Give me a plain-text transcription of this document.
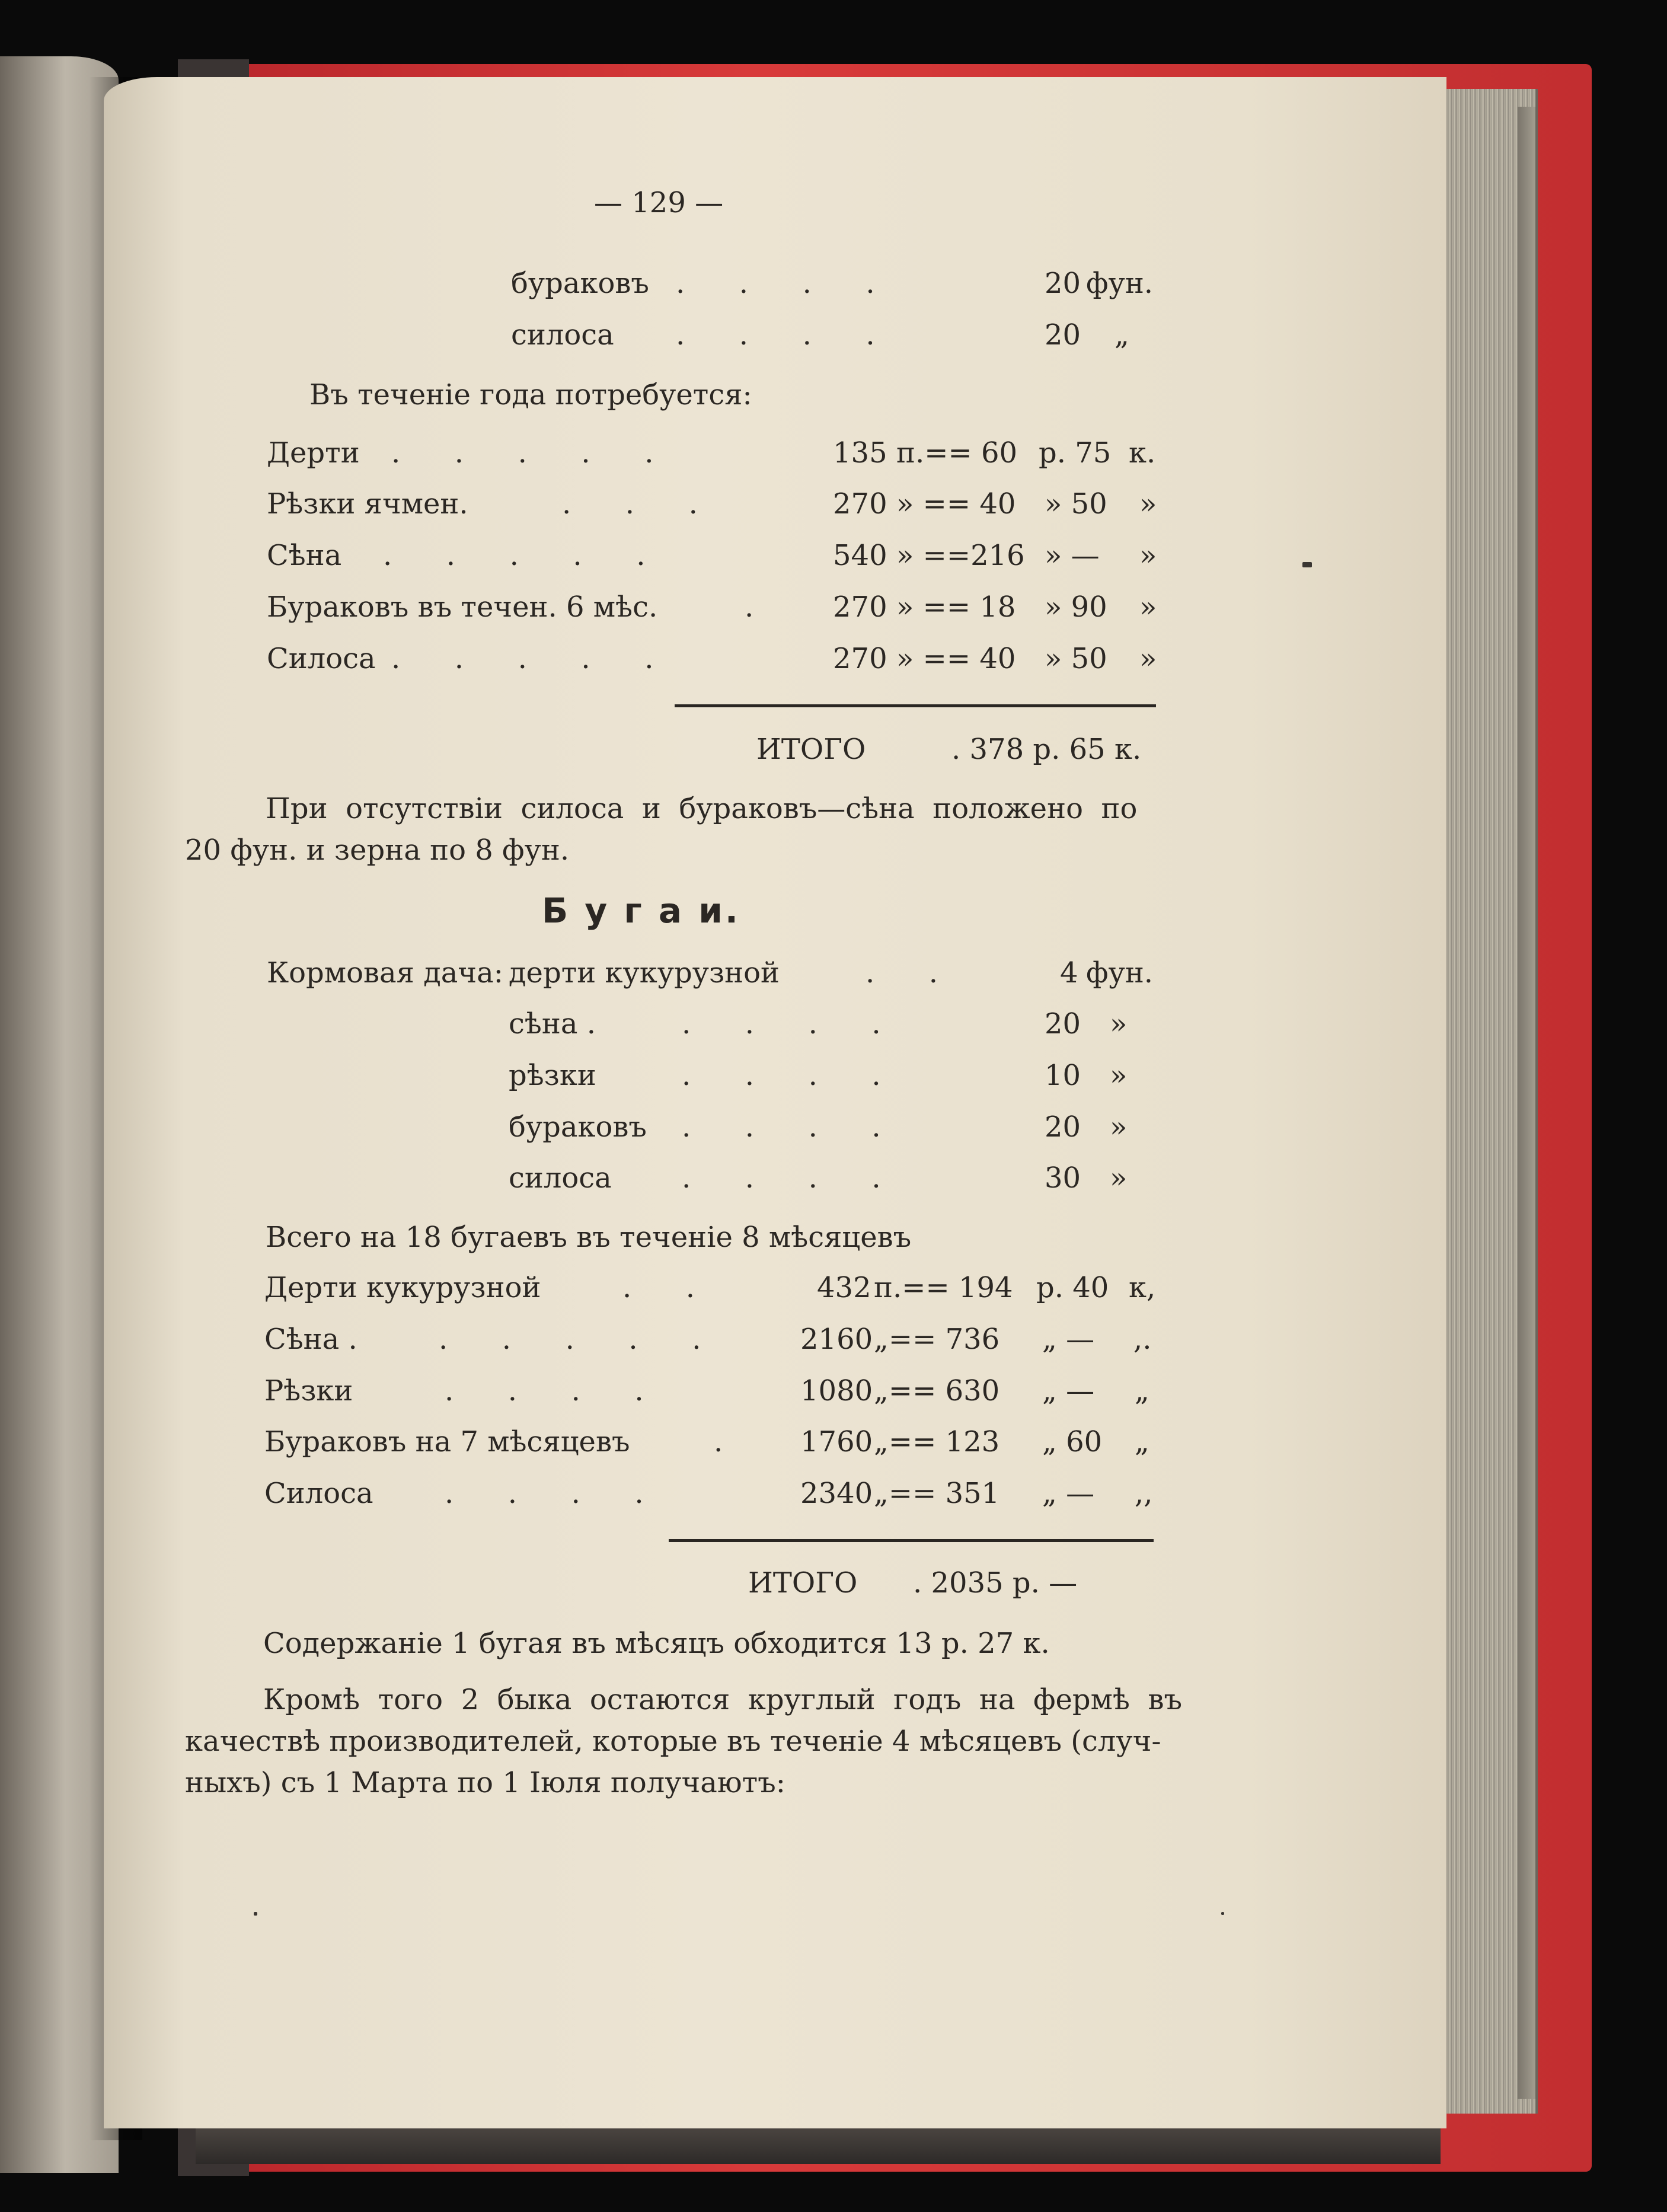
— 129 —
бураковъ .      .      .      .	20 фун.
силоса .      .      .      .	20 „
Въ теченіе года потребуется:
Дерти .      .      .      .      .	135 п.== 60 р. 75 к.
Рѣзки ячмен.	.      .      .	270 » == 40 » 50 »
Сѣна .      .      .      .      .	540 » ==216 » — »
Бураковъ въ течен. 6 мѣс.	.	270 » == 18 » 90 »
Силоса .      .      .      .      .	270 » == 40 » 50 »
ИТОГО	. 378 р. 65 к.
При  отсутствіи  силоса  и  бураковъ—сѣна  положено  по
20 фун. и зерна по 8 фун.
Б у г а и.
Кормовая дача: дерти кукурузной	.      .	4 фун.
сѣна .	.      .      .      .	20 »
рѣзки	.      .      .      .	10 »
бураковъ .      .      .      .	20 »
силоса .      .      .      .	30 »
Всего на 18 бугаевъ въ теченіе 8 мѣсяцевъ
Дерти кукурузной	.      .	432 п.== 194 р. 40 к,
Сѣна .	.      .      .      .      .	2160 „== 736 „ — ,.
Рѣзки	.      .      .      .	1080 „== 630 „ — „
Бураковъ на 7 мѣсяцевъ	.	1760 „== 123 „ 60 „
Силоса	.      .      .      .	2340 „== 351 „ — ,,
ИТОГО . 2035 р. —
Содержаніе 1 бугая въ мѣсяцъ обходится 13 р. 27 к.
Кромѣ  того  2  быка  остаются  круглый  годъ  на  фермѣ  въ
качествѣ производителей, которые въ теченіе 4 мѣсяцевъ (случ-
ныхъ) съ 1 Марта по 1 Іюля получаютъ:
